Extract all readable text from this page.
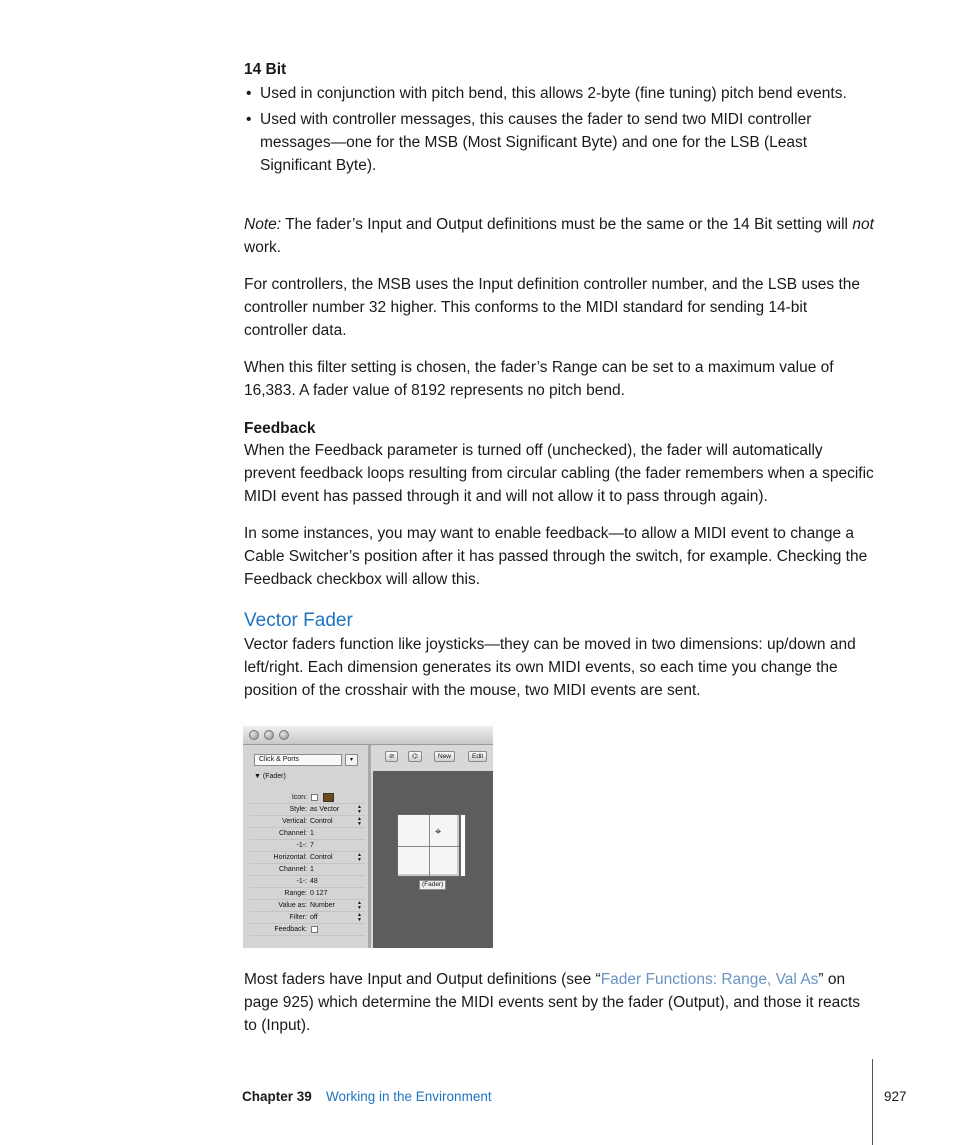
14 Bit

• Used in conjunction with pitch bend, this allows 2-byte (fine tuning) pitch bend events.
• Used with controller messages, this causes the fader to send two MIDI controller messages—one for the MSB (Most Significant Byte) and one for the LSB (Least Significant Byte).

Note: The fader’s Input and Output definitions must be the same or the 14 Bit setting will not work.

For controllers, the MSB uses the Input definition controller number, and the LSB uses the controller number 32 higher. This conforms to the MIDI standard for sending 14-bit controller data.

When this filter setting is chosen, the fader’s Range can be set to a maximum value of 16,383. A fader value of 8192 represents no pitch bend.

Feedback

When the Feedback parameter is turned off (unchecked), the fader will automatically prevent feedback loops resulting from circular cabling (the fader remembers when a specific MIDI event has passed through it and will not allow it to pass through again).

In some instances, you may want to enable feedback—to allow a MIDI event to change a Cable Switcher’s position after it has passed through the switch, for example. Checking the Feedback checkbox will allow this.

Vector Fader

Vector faders function like joysticks—they can be moved in two dimensions: up/down and left/right. Each dimension generates its own MIDI events, so each time you change the position of the crosshair with the mouse, two MIDI events are sent.

Click & Ports	▾
▼ (Fader)
Icon:
Style: as Vector	▲
▼
Vertical: Control	▲
▼
Channel: 1
-1-: 7
Horizontal: Control	▲
▼
Channel: 1
-1-: 48
Range: 0 127
Value as: Number	▲
▼
Filter: off	▲
▼
Feedback:
⊘	⌬	New	Edit
⌖
(Fader)

Most faders have Input and Output definitions (see “Fader Functions: Range, Val As” on page 925) which determine the MIDI events sent by the fader (Output), and those it reacts to (Input).

Chapter 39 Working in the Environment	927
